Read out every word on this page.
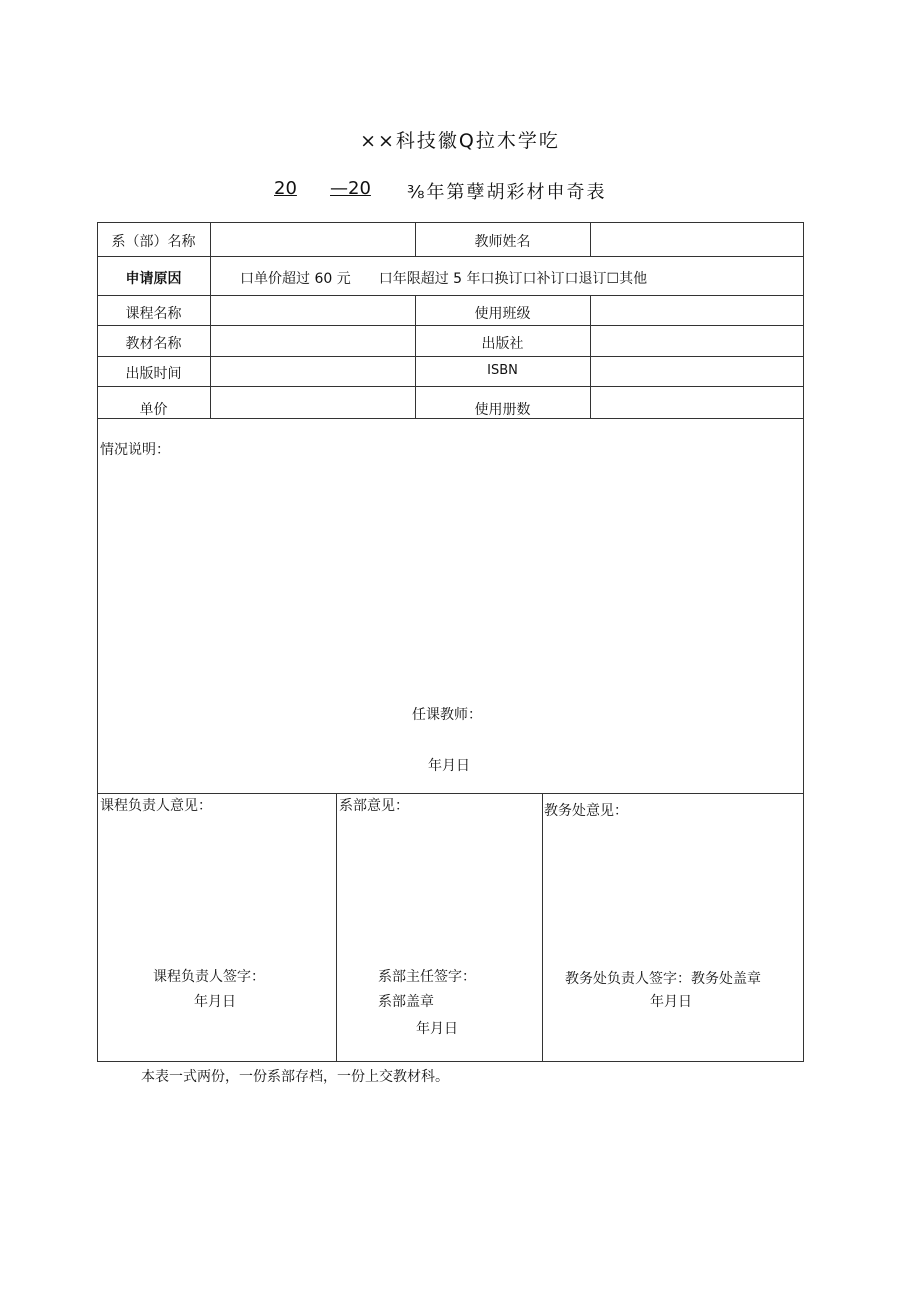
××科技徽Q拉木学吃
20 —20 ⅜年第孽胡彩材申奇表
系（部）名称	教师姓名
申请原因	口单价超过 60 元　　口年限超过 5 年口换订口补订口退订☐其他
课程名称	使用班级
教材名称	出版社
出版时间	ISBN
单价	使用册数
情况说明：
任课教师：
年月日
课程负责人意见：
课程负责人签字：
年月日
系部意见：
系部主任签字：
系部盖章
年月日
教务处意见：
教务处负责人签字：教务处盖章
年月日
本表一式两份，一份系部存档，一份上交教材科。
